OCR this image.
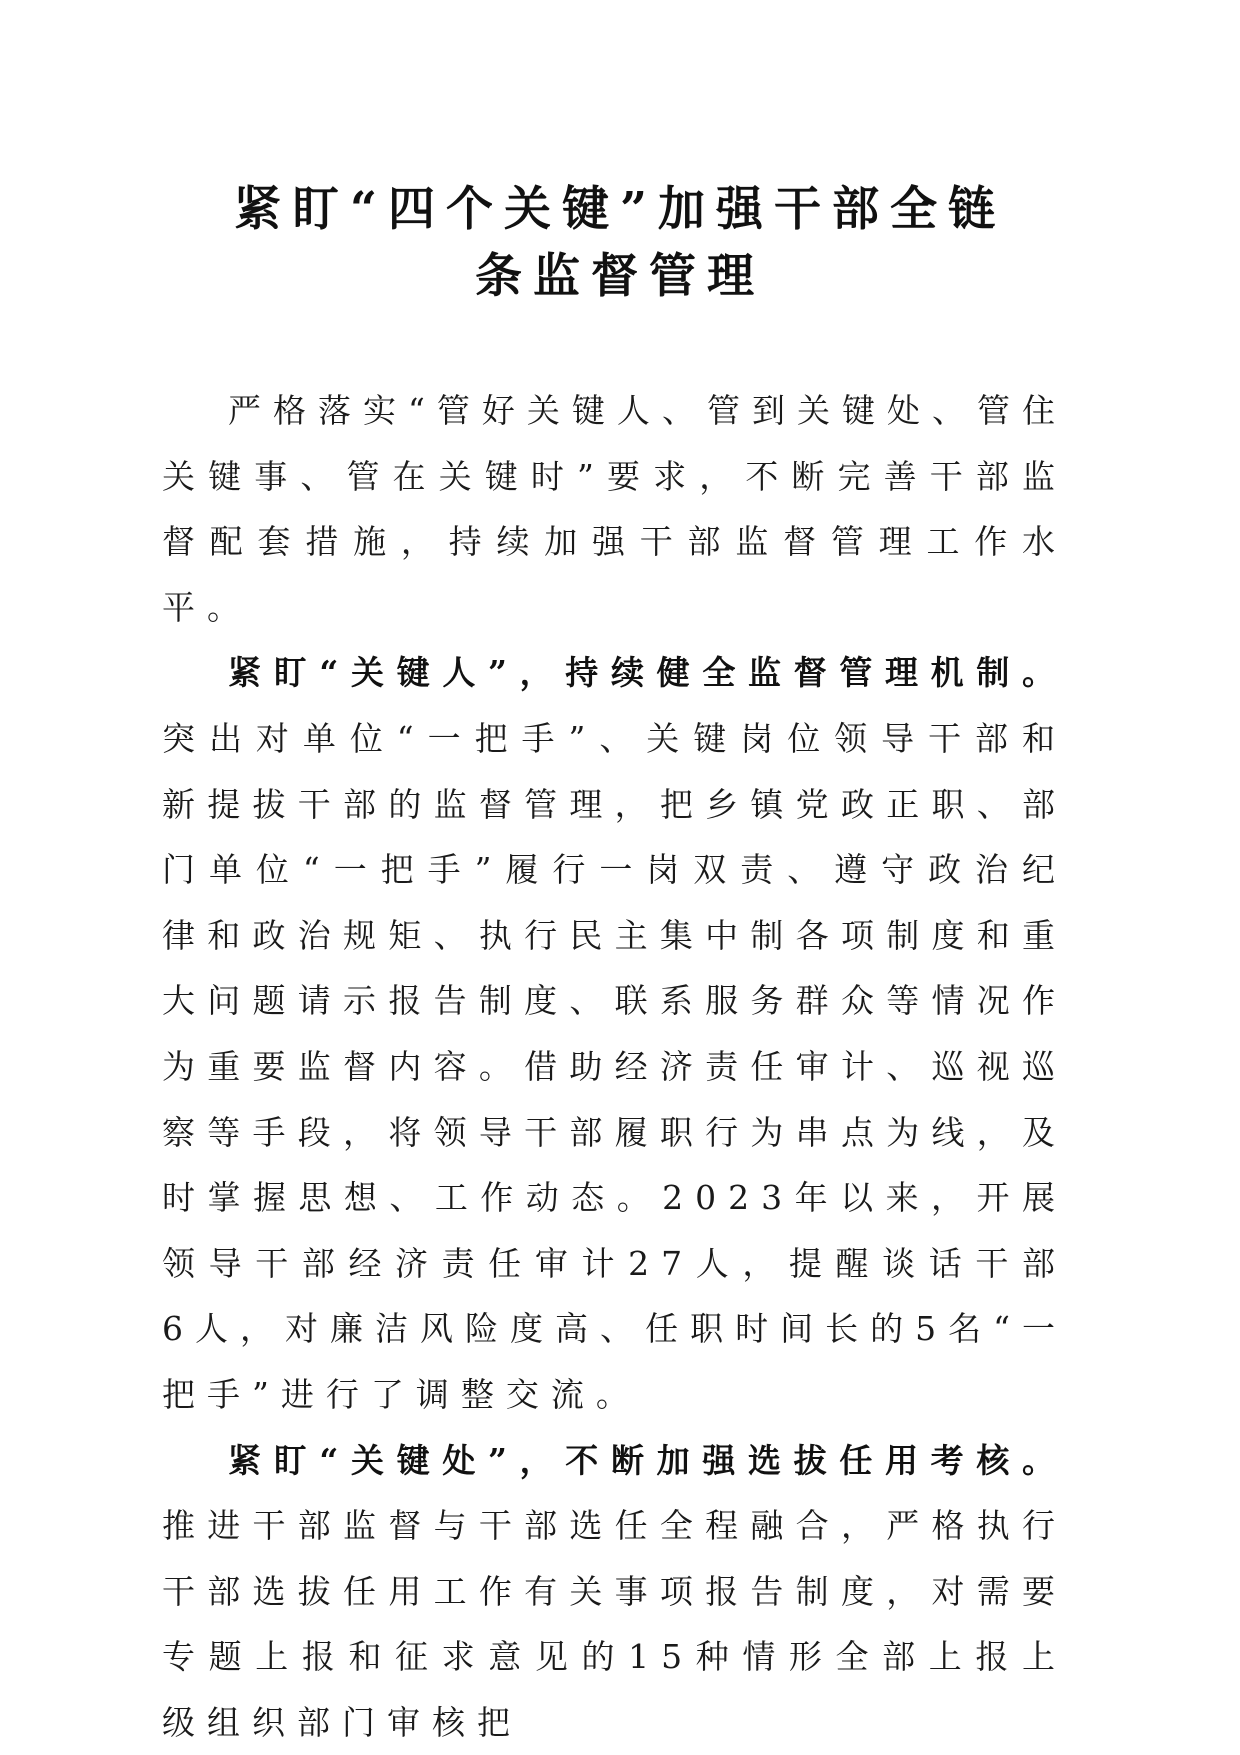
紧盯“四个关键”加强干部全链
条监督管理

严格落实“管好关键人、管到关键处、管住关键事、管在关键时”要求，不断完善干部监督配套措施，持续加强干部监督管理工作水平。

紧盯“关键人”，持续健全监督管理机制。突出对单位“一把手”、关键岗位领导干部和新提拔干部的监督管理，把乡镇党政正职、部门单位“一把手”履行一岗双责、遵守政治纪律和政治规矩、执行民主集中制各项制度和重大问题请示报告制度、联系服务群众等情况作为重要监督内容。借助经济责任审计、巡视巡察等手段，将领导干部履职行为串点为线，及时掌握思想、工作动态。2023年以来，开展领导干部经济责任审计27人，提醒谈话干部6人，对廉洁风险度高、任职时间长的5名“一把手”进行了调整交流。

紧盯“关键处”，不断加强选拔任用考核。推进干部监督与干部选任全程融合，严格执行干部选拔任用工作有关事项报告制度，对需要专题上报和征求意见的15种情形全部上报上级组织部门审核把
